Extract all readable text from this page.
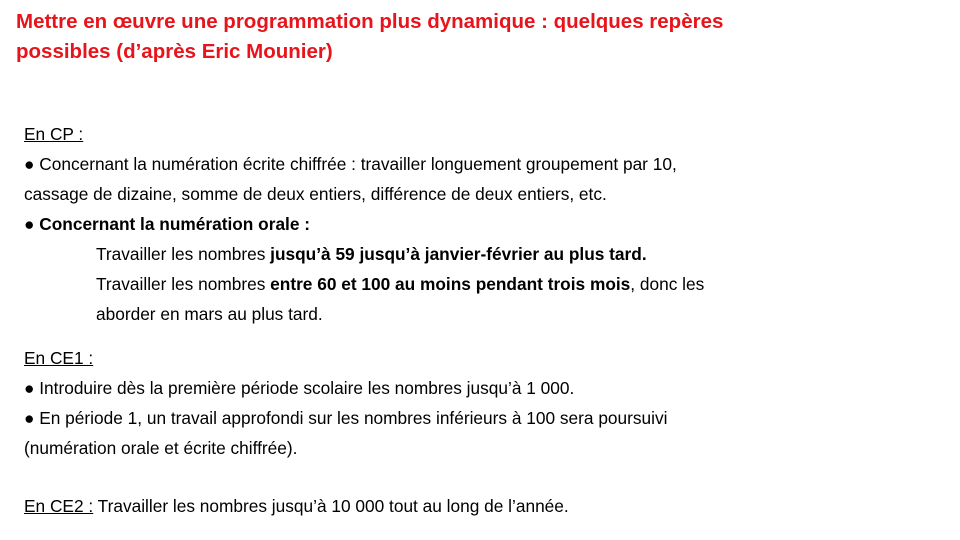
Mettre en œuvre une programmation plus dynamique : quelques repères
possibles (d’après Eric Mounier)
En CP :
● Concernant la numération écrite chiffrée : travailler longuement groupement par 10,
cassage de dizaine, somme de deux entiers, différence de deux entiers, etc.
● Concernant la numération orale :
Travailler les nombres jusqu’à 59 jusqu’à janvier-février au plus tard.
Travailler les nombres entre 60 et 100 au moins pendant trois mois, donc les
aborder en mars au plus tard.
En CE1 :
● Introduire dès la première période scolaire les nombres jusqu’à 1 000.
● En période 1, un travail approfondi sur les nombres inférieurs à 100 sera poursuivi
(numération orale et écrite chiffrée).
En CE2 : Travailler les nombres jusqu’à 10 000 tout au long de l’année.
